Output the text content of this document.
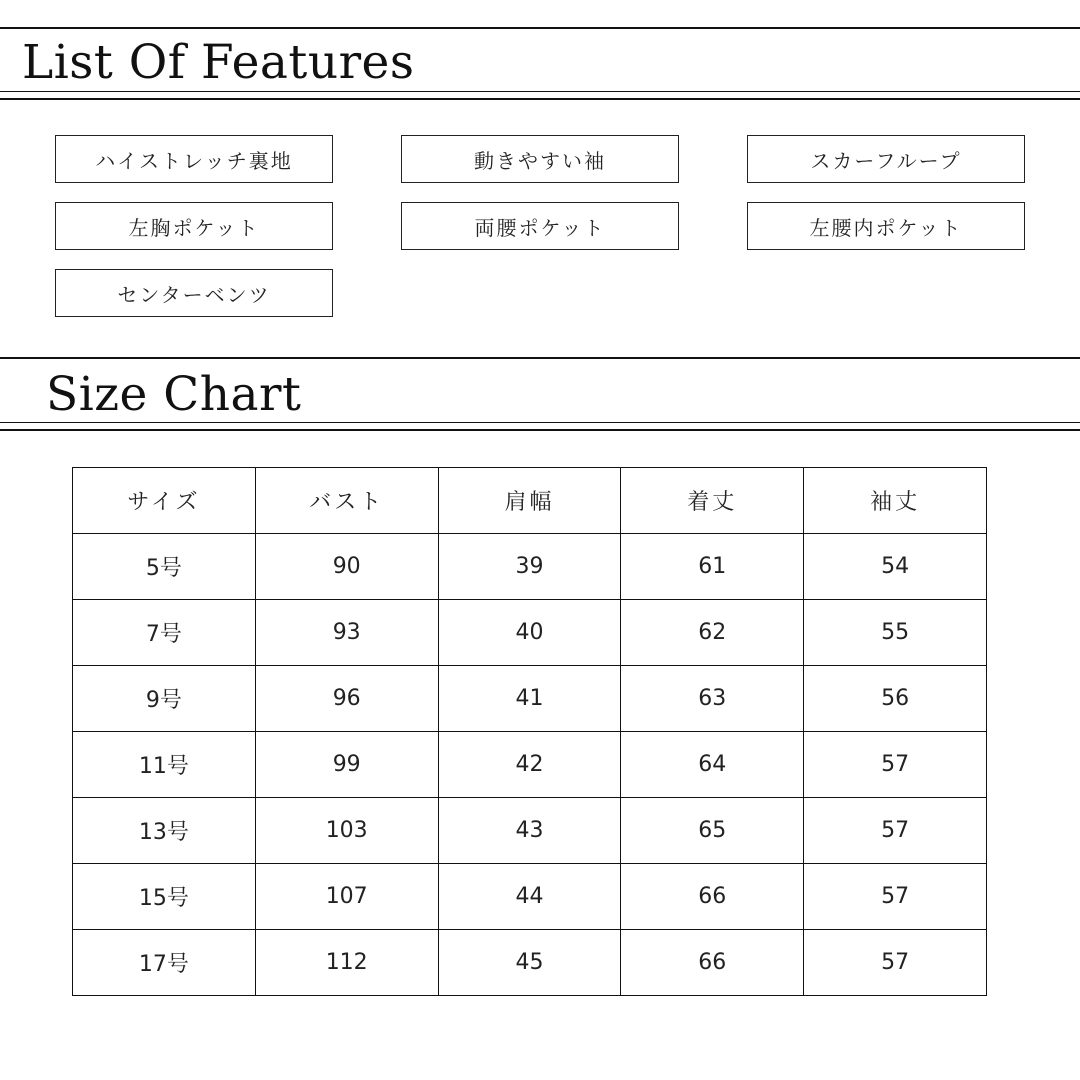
List Of Features
ハイストレッチ裏地	動きやすい袖	スカーフループ
左胸ポケット	両腰ポケット	左腰内ポケット
センターベンツ
Size Chart
サイズ	バスト	肩幅	着丈	袖丈
5号	90	39	61	54
7号	93	40	62	55
9号	96	41	63	56
11号	99	42	64	57
13号	103	43	65	57
15号	107	44	66	57
17号	112	45	66	57
